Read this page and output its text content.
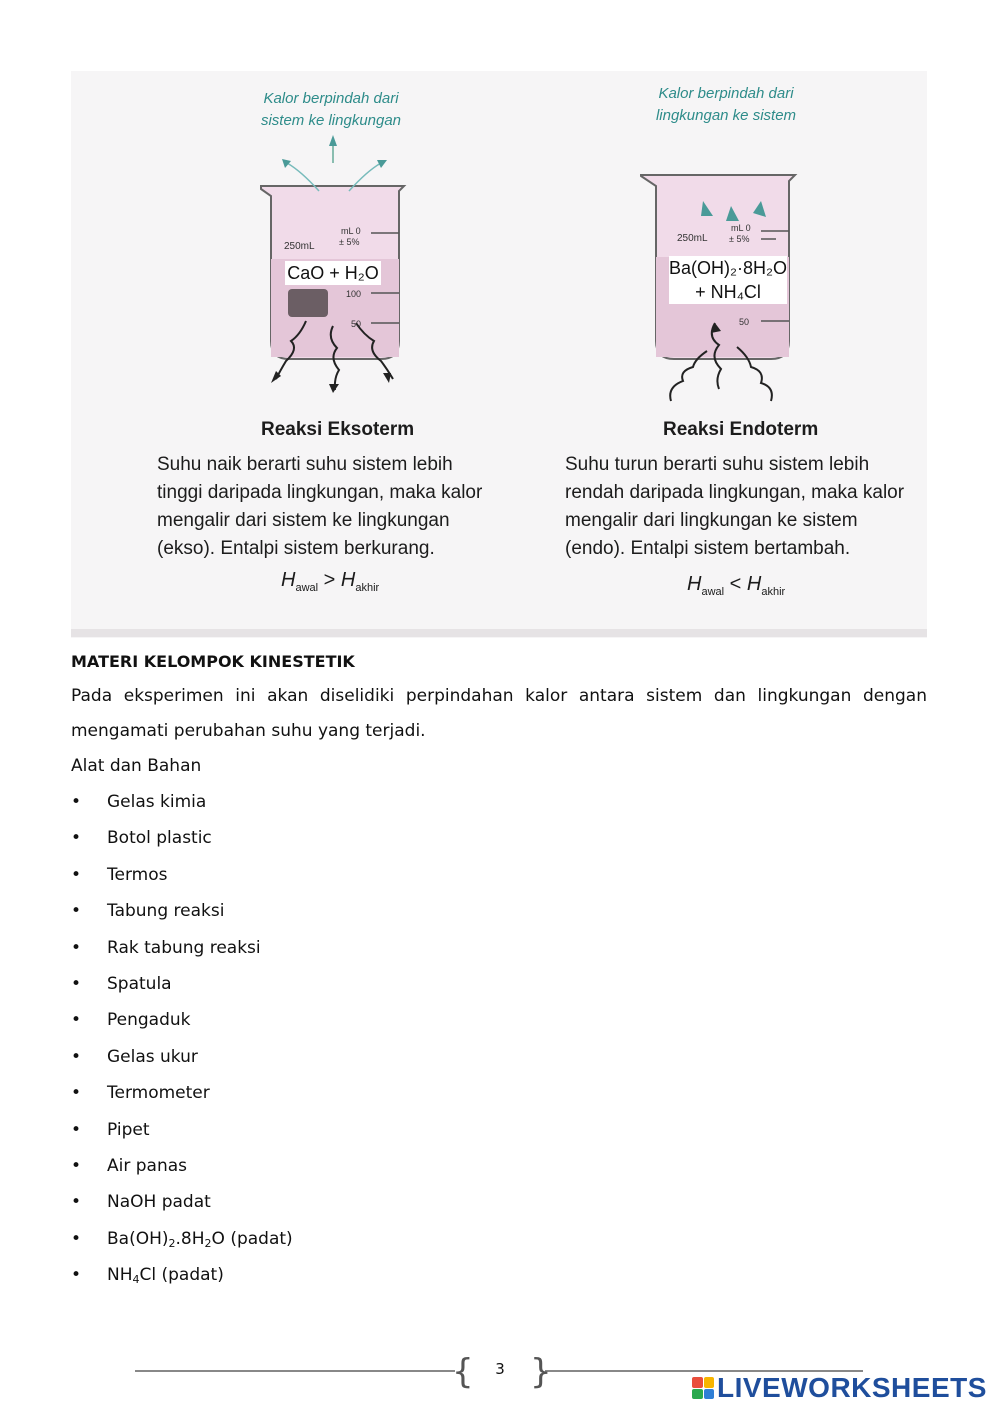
250mL
mL 0
± 5%
100
50
250mL
mL 0
± 5%
50
Kalor berpindah dari
sistem ke lingkungan
CaO + H₂O
Reaksi Eksoterm
Suhu naik berarti suhu sistem lebih
tinggi daripada lingkungan, maka kalor
mengalir dari sistem ke lingkungan
(ekso). Entalpi sistem berkurang.
$H_{awal} > H_{akhir}$
Kalor berpindah dari
lingkungan ke sistem
Ba(OH)₂·8H₂O
+ NH₄Cl
Reaksi Endoterm
Suhu turun berarti suhu sistem lebih
rendah daripada lingkungan, maka kalor
mengalir dari lingkungan ke sistem
(endo). Entalpi sistem bertambah.
$H_{awal} < H_{akhir}$

MATERI KELOMPOK KINESTETIK

Pada eksperimen ini akan diselidiki perpindahan kalor antara sistem dan lingkungan dengan

mengamati perubahan suhu yang terjadi.

Alat dan Bahan

• Gelas kimia
• Botol plastic
• Termos
• Tabung reaksi
• Rak tabung reaksi
• Spatula
• Pengaduk
• Gelas ukur
• Termometer
• Pipet
• Air panas
• NaOH padat
• $Ba(OH)_2.8H_2O$ (padat)
• $NH_4Cl$ (padat)
{	3 }	LIVEWORKSHEETS
